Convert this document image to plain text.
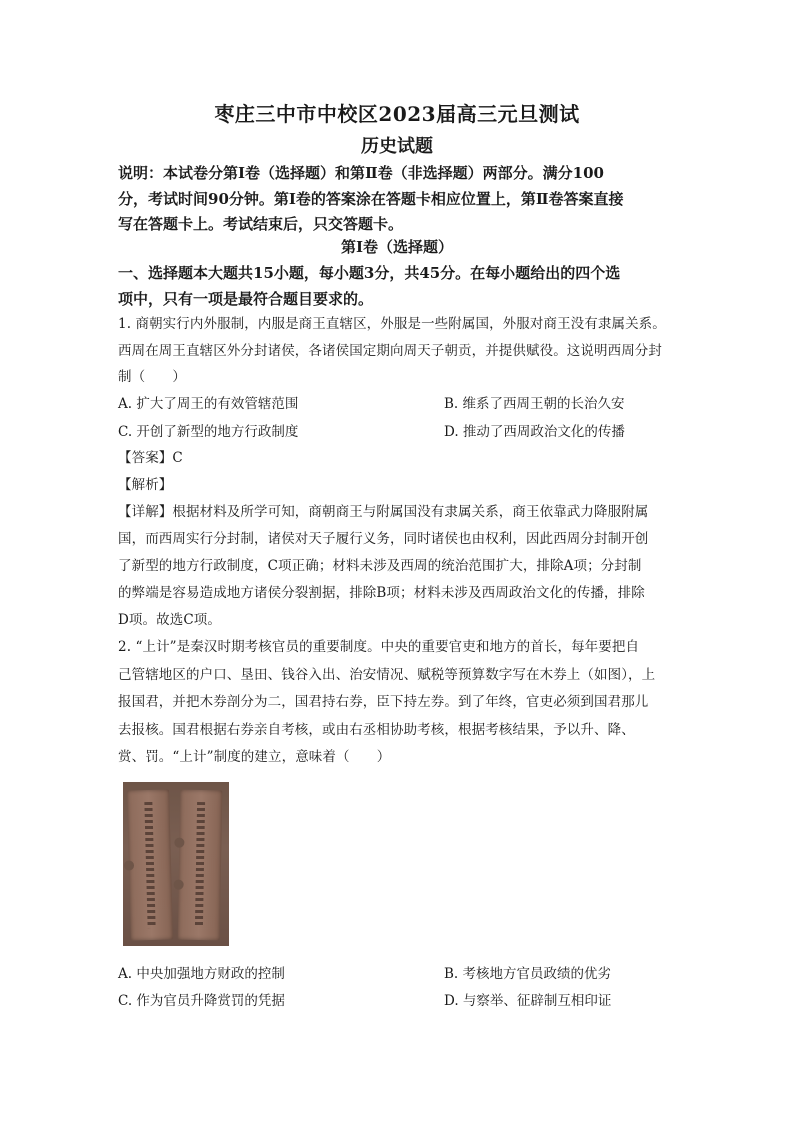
枣庄三中市中校区2023届高三元旦测试
历史试题
说明：本试卷分第Ⅰ卷（选择题）和第Ⅱ卷（非选择题）两部分。满分100
分，考试时间90分钟。第Ⅰ卷的答案涂在答题卡相应位置上，第Ⅱ卷答案直接
写在答题卡上。考试结束后，只交答题卡。
第Ⅰ卷（选择题）
一、选择题本大题共15小题，每小题3分，共45分。在每小题给出的四个选
项中，只有一项是最符合题目要求的。
1. 商朝实行内外服制，内服是商王直辖区，外服是一些附属国，外服对商王没有隶属关系。
西周在周王直辖区外分封诸侯，各诸侯国定期向周天子朝贡，并提供赋役。这说明西周分封
制（　　）
A. 扩大了周王的有效管辖范围	B. 维系了西周王朝的长治久安
C. 开创了新型的地方行政制度	D. 推动了西周政治文化的传播
【答案】C
【解析】
【详解】根据材料及所学可知，商朝商王与附属国没有隶属关系，商王依靠武力降服附属
国，而西周实行分封制，诸侯对天子履行义务，同时诸侯也由权利，因此西周分封制开创
了新型的地方行政制度，C项正确；材料未涉及西周的统治范围扩大，排除A项；分封制
的弊端是容易造成地方诸侯分裂割据，排除B项；材料未涉及西周政治文化的传播，排除
D项。故选C项。
2. “上计”是秦汉时期考核官员的重要制度。中央的重要官吏和地方的首长，每年要把自
己管辖地区的户口、垦田、钱谷入出、治安情况、赋税等预算数字写在木券上（如图），上
报国君，并把木券剖分为二，国君持右券，臣下持左券。到了年终，官吏必须到国君那儿
去报核。国君根据右券亲自考核，或由右丞相协助考核，根据考核结果，予以升、降、
赏、罚。“上计”制度的建立，意味着（　　）
A. 中央加强地方财政的控制	B. 考核地方官员政绩的优劣
C. 作为官员升降赏罚的凭据	D. 与察举、征辟制互相印证
